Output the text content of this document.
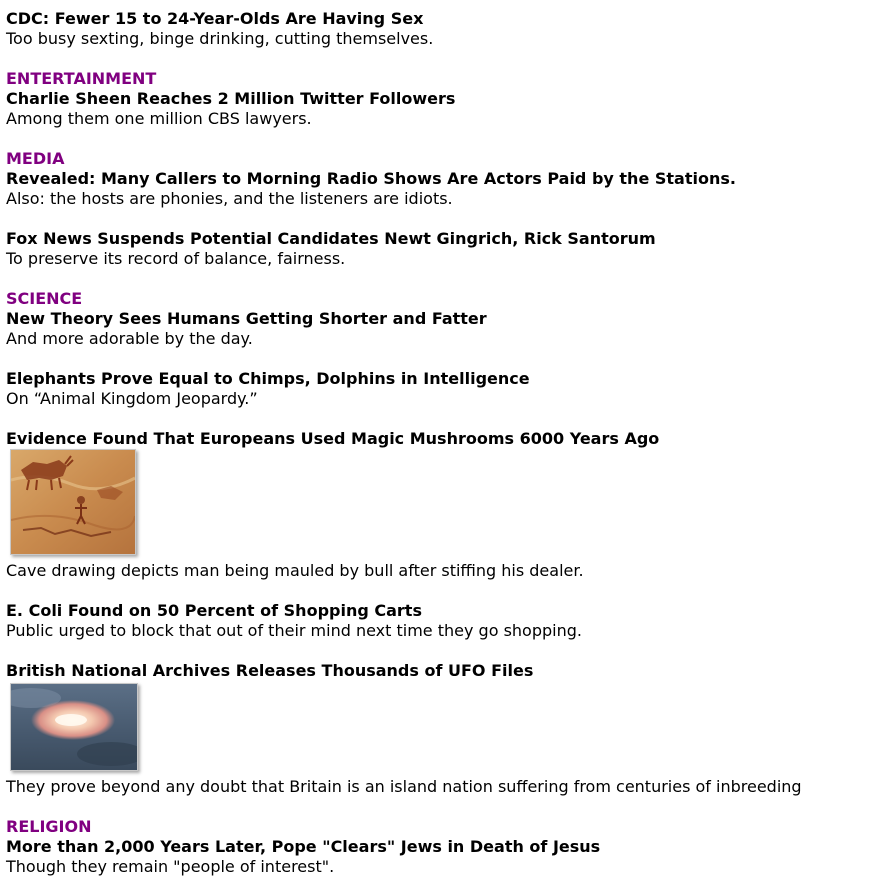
CDC: Fewer 15 to 24-Year-Olds Are Having Sex
Too busy sexting, binge drinking, cutting themselves.
ENTERTAINMENT
Charlie Sheen Reaches 2 Million Twitter Followers
Among them one million CBS lawyers.
MEDIA
Revealed: Many Callers to Morning Radio Shows Are Actors Paid by the Stations.
Also: the hosts are phonies, and the listeners are idiots.
Fox News Suspends Potential Candidates Newt Gingrich, Rick Santorum
To preserve its record of balance, fairness.
SCIENCE
New Theory Sees Humans Getting Shorter and Fatter
And more adorable by the day.
Elephants Prove Equal to Chimps, Dolphins in Intelligence
On “Animal Kingdom Jeopardy.”
Evidence Found That Europeans Used Magic Mushrooms 6000 Years Ago
Cave drawing depicts man being mauled by bull after stiffing his dealer.
E. Coli Found on 50 Percent of Shopping Carts
Public urged to block that out of their mind next time they go shopping.
British National Archives Releases Thousands of UFO Files
They prove beyond any doubt that Britain is an island nation suffering from centuries of inbreeding
RELIGION
More than 2,000 Years Later, Pope "Clears" Jews in Death of Jesus
Though they remain "people of interest".
